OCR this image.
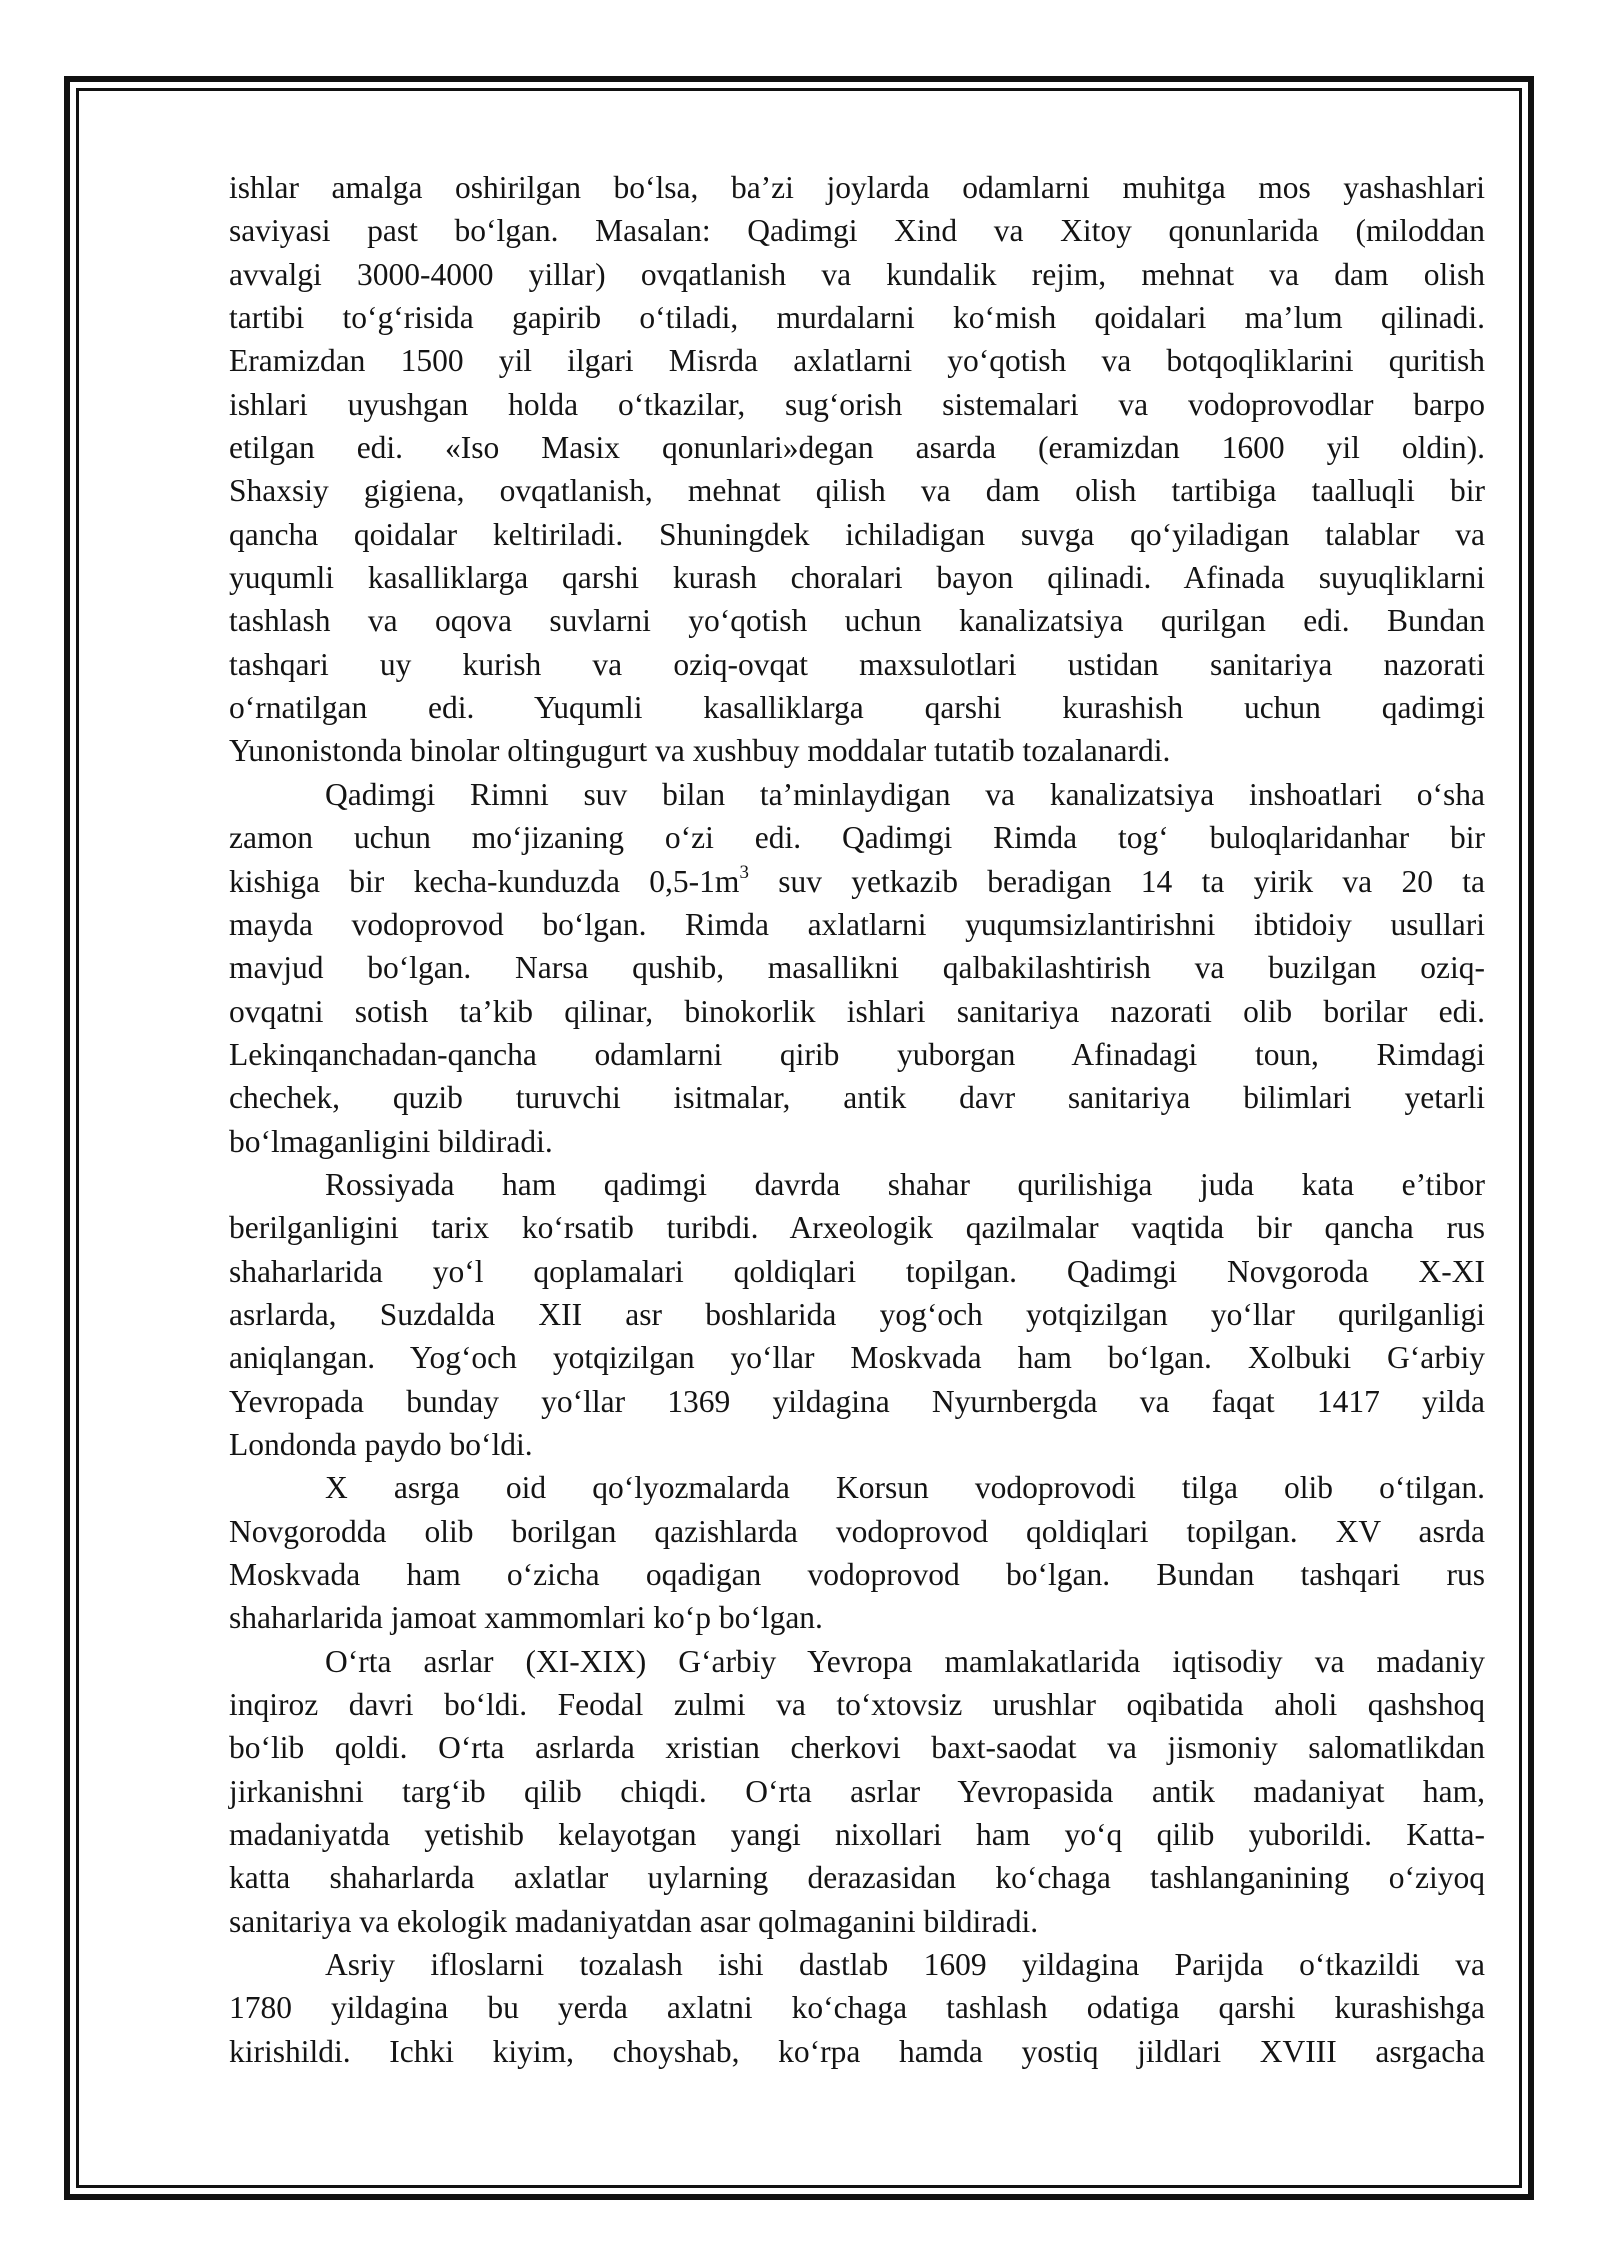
ishlar amalga oshirilgan bo‘lsa, ba’zi joylarda odamlarni muhitga mos yashashlari
saviyasi past bo‘lgan. Masalan: Qadimgi Xind va Xitoy qonunlarida (miloddan
avvalgi 3000-4000 yillar) ovqatlanish va kundalik rejim, mehnat va dam olish
tartibi to‘g‘risida gapirib o‘tiladi, murdalarni ko‘mish qoidalari ma’lum qilinadi.
Eramizdan 1500 yil ilgari Misrda axlatlarni yo‘qotish va botqoqliklarini quritish
ishlari uyushgan holda o‘tkazilar, sug‘orish sistemalari va vodoprovodlar barpo
etilgan edi. «Iso Masix qonunlari»degan asarda (eramizdan 1600 yil oldin).
Shaxsiy gigiena, ovqatlanish, mehnat qilish va dam olish tartibiga taalluqli bir
qancha qoidalar keltiriladi. Shuningdek ichiladigan suvga qo‘yiladigan talablar va
yuqumli kasalliklarga qarshi kurash choralari bayon qilinadi. Afinada suyuqliklarni
tashlash va oqova suvlarni yo‘qotish uchun kanalizatsiya qurilgan edi. Bundan
tashqari uy kurish va oziq-ovqat maxsulotlari ustidan sanitariya nazorati
o‘rnatilgan edi. Yuqumli kasalliklarga qarshi kurashish uchun qadimgi
Yunonistonda binolar oltingugurt va xushbuy moddalar tutatib tozalanardi.

Qadimgi Rimni suv bilan ta’minlaydigan va kanalizatsiya inshoatlari o‘sha
zamon uchun mo‘jizaning o‘zi edi. Qadimgi Rimda tog‘ buloqlaridanhar bir
kishiga bir kecha-kunduzda $0,5-1m^3$ suv yetkazib beradigan 14 ta yirik va 20 ta
mayda vodoprovod bo‘lgan. Rimda axlatlarni yuqumsizlantirishni ibtidoiy usullari
mavjud bo‘lgan. Narsa qushib, masallikni qalbakilashtirish va buzilgan oziq-
ovqatni sotish ta’kib qilinar, binokorlik ishlari sanitariya nazorati olib borilar edi.
Lekinqanchadan-qancha odamlarni qirib yuborgan Afinadagi toun, Rimdagi
chechek, quzib turuvchi isitmalar, antik davr sanitariya bilimlari yetarli
bo‘lmaganligini bildiradi.

Rossiyada ham qadimgi davrda shahar qurilishiga juda kata e’tibor
berilganligini tarix ko‘rsatib turibdi. Arxeologik qazilmalar vaqtida bir qancha rus
shaharlarida yo‘l qoplamalari qoldiqlari topilgan. Qadimgi Novgoroda X-XI
asrlarda, Suzdalda XII asr boshlarida yog‘och yotqizilgan yo‘llar qurilganligi
aniqlangan. Yog‘och yotqizilgan yo‘llar Moskvada ham bo‘lgan. Xolbuki G‘arbiy
Yevropada bunday yo‘llar 1369 yildagina Nyurnbergda va faqat 1417 yilda
Londonda paydo bo‘ldi.

X asrga oid qo‘lyozmalarda Korsun vodoprovodi tilga olib o‘tilgan.
Novgorodda olib borilgan qazishlarda vodoprovod qoldiqlari topilgan. XV asrda
Moskvada ham o‘zicha oqadigan vodoprovod bo‘lgan. Bundan tashqari rus
shaharlarida jamoat xammomlari ko‘p bo‘lgan.

O‘rta asrlar (XI-XIX) G‘arbiy Yevropa mamlakatlarida iqtisodiy va madaniy
inqiroz davri bo‘ldi. Feodal zulmi va to‘xtovsiz urushlar oqibatida aholi qashshoq
bo‘lib qoldi. O‘rta asrlarda xristian cherkovi baxt-saodat va jismoniy salomatlikdan
jirkanishni targ‘ib qilib chiqdi. O‘rta asrlar Yevropasida antik madaniyat ham,
madaniyatda yetishib kelayotgan yangi nixollari ham yo‘q qilib yuborildi. Katta-
katta shaharlarda axlatlar uylarning derazasidan ko‘chaga tashlanganining o‘ziyoq
sanitariya va ekologik madaniyatdan asar qolmaganini bildiradi.

Asriy ifloslarni tozalash ishi dastlab 1609 yildagina Parijda o‘tkazildi va
1780 yildagina bu yerda axlatni ko‘chaga tashlash odatiga qarshi kurashishga
kirishildi. Ichki kiyim, choyshab, ko‘rpa hamda yostiq jildlari XVIII asrgacha
